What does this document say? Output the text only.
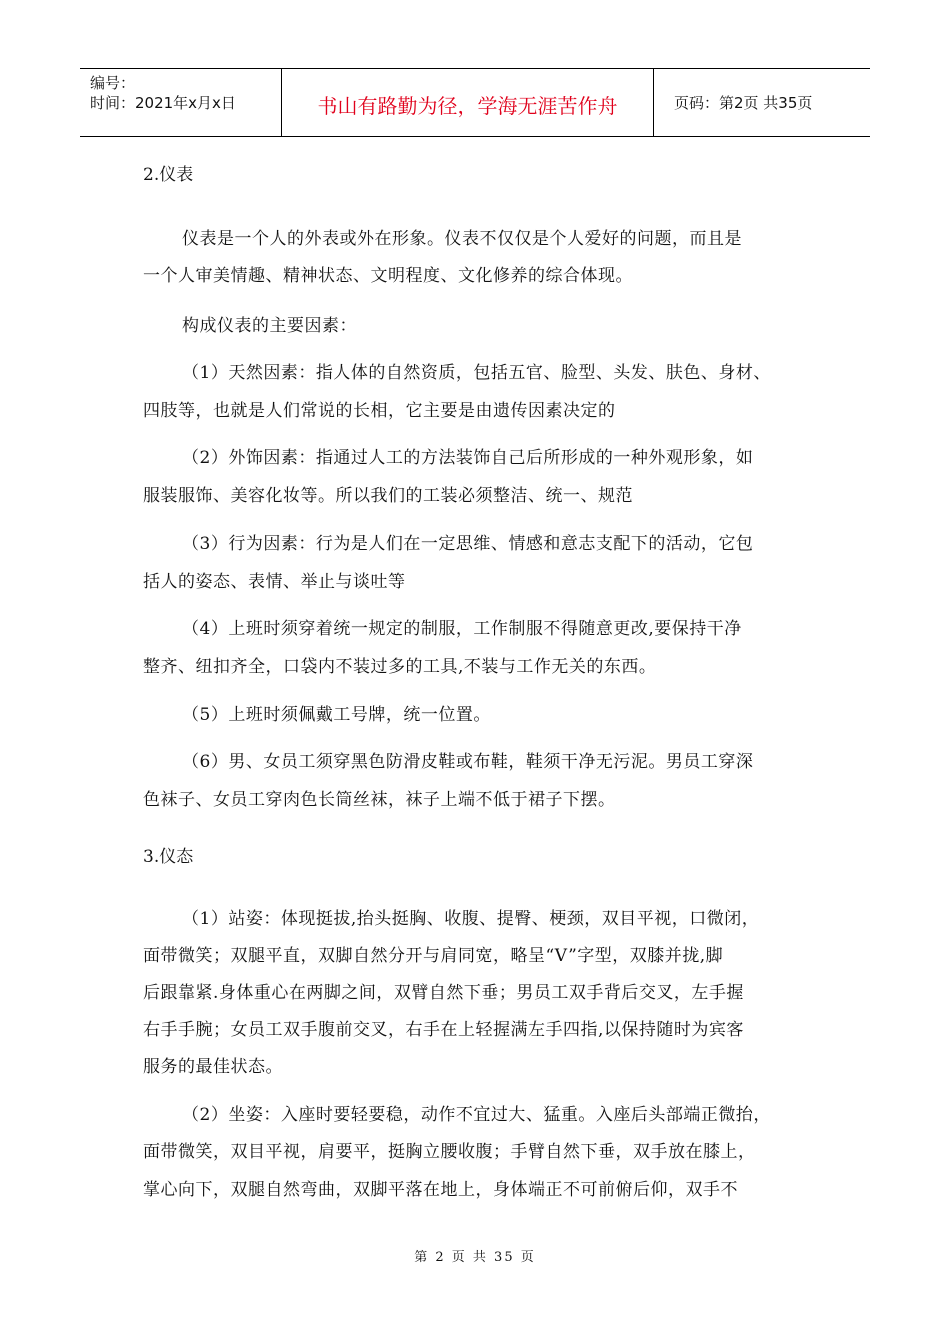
编号：
时间：2021年x月x日	书山有路勤为径，学海无涯苦作舟	页码：第2页 共35页
2.仪表
仪表是一个人的外表或外在形象。仪表不仅仅是个人爱好的问题，而且是
一个人审美情趣、精神状态、文明程度、文化修养的综合体现。
构成仪表的主要因素：
（1）天然因素：指人体的自然资质，包括五官、脸型、头发、肤色、身材、
四肢等，也就是人们常说的长相，它主要是由遗传因素决定的
（2）外饰因素：指通过人工的方法装饰自己后所形成的一种外观形象，如
服装服饰、美容化妆等。所以我们的工装必须整洁、统一、规范
（3）行为因素：行为是人们在一定思维、情感和意志支配下的活动，它包
括人的姿态、表情、举止与谈吐等
（4）上班时须穿着统一规定的制服，工作制服不得随意更改,要保持干净
整齐、纽扣齐全，口袋内不装过多的工具,不装与工作无关的东西。
（5）上班时须佩戴工号牌，统一位置。
（6）男、女员工须穿黑色防滑皮鞋或布鞋，鞋须干净无污泥。男员工穿深
色袜子、女员工穿肉色长筒丝袜，袜子上端不低于裙子下摆。
3.仪态
（1）站姿：体现挺拔,抬头挺胸、收腹、提臀、梗颈，双目平视，口微闭，
面带微笑；双腿平直，双脚自然分开与肩同宽，略呈“V”字型，双膝并拢,脚
后跟靠紧.身体重心在两脚之间，双臂自然下垂；男员工双手背后交叉，左手握
右手手腕；女员工双手腹前交叉，右手在上轻握满左手四指,以保持随时为宾客
服务的最佳状态。
（2）坐姿：入座时要轻要稳，动作不宜过大、猛重。入座后头部端正微抬，
面带微笑，双目平视，肩要平，挺胸立腰收腹；手臂自然下垂，双手放在膝上，
掌心向下，双腿自然弯曲，双脚平落在地上，身体端正不可前俯后仰，双手不
第 2 页 共 35 页
